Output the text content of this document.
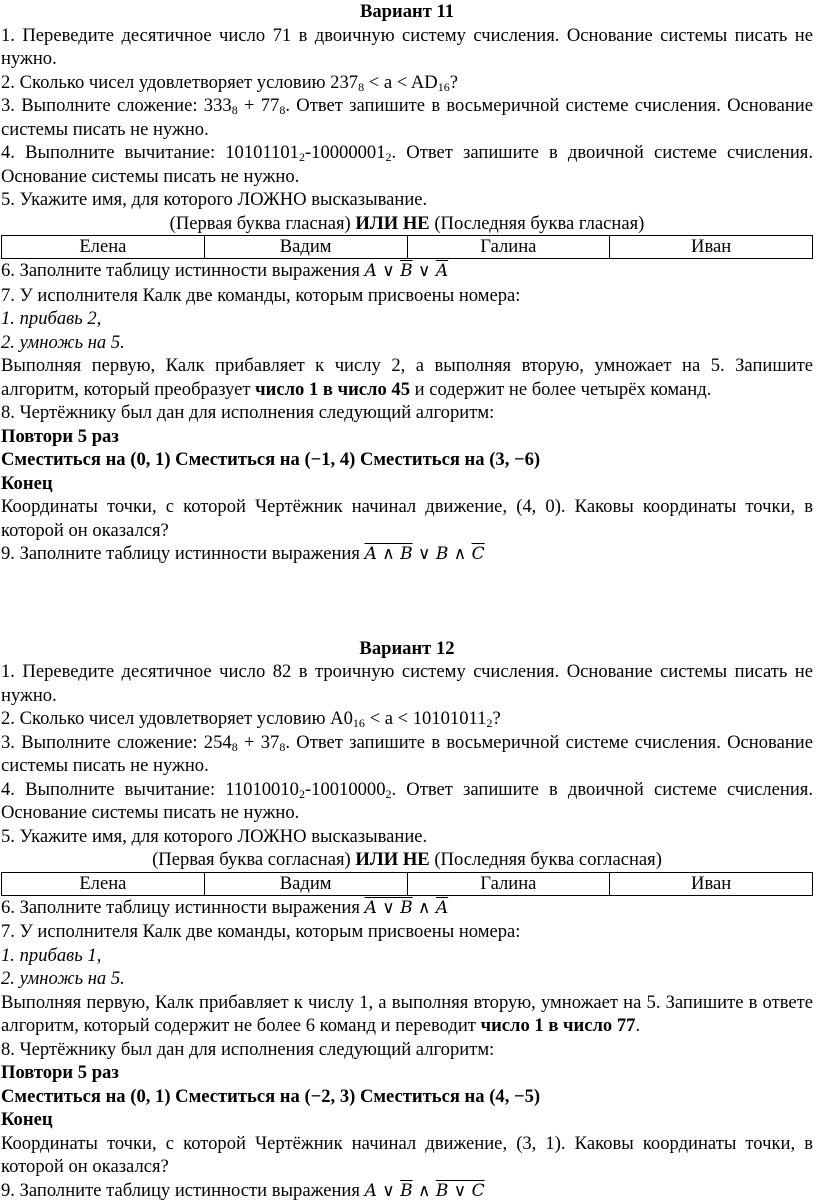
Вариант 11

1. Переведите десятичное число 71 в двоичную систему счисления. Основание системы писать не нужно.

2. Сколько чисел удовлетворяет условию $237_8 < a < AD_{16}$?

3. Выполните сложение: $333_8 + 77_8$. Ответ запишите в восьмеричной системе счисления. Основание системы писать не нужно.

4. Выполните вычитание: $10101101_2-10000001_2$. Ответ запишите в двоичной системе счисления. Основание системы писать не нужно.

5. Укажите имя, для которого ЛОЖНО высказывание.

(Первая буква гласная) ИЛИ НЕ (Последняя буква гласная)

Елена	Вадим	Галина	Иван

6. Заполните таблицу истинности выражения A ∨ $\overline{B}$ ∨ $\overline{A}$

7. У исполнителя Калк две команды, которым присвоены номера:

1. прибавь 2,

2. умножь на 5.

Выполняя первую, Калк прибавляет к числу 2, а выполняя вторую, умножает на 5. Запишите алгоритм, который преобразует число 1 в число 45 и содержит не более четырёх команд.

8. Чертёжнику был дан для исполнения следующий алгоритм:

Повтори 5 раз

Сместиться на (0, 1) Сместиться на (−1, 4) Сместиться на (3, −6)

Конец

Координаты точки, с которой Чертёжник начинал движение, (4, 0). Каковы координаты точки, в которой он оказался?

9. Заполните таблицу истинности выражения A ∧ B ∨ B ∧ $\overline{C}$

Вариант 12

1. Переведите десятичное число 82 в троичную систему счисления. Основание системы писать не нужно.

2. Сколько чисел удовлетворяет условию $A0_{16} < a < 10101011_2$?

3. Выполните сложение: $254_8 + 37_8$. Ответ запишите в восьмеричной системе счисления. Основание системы писать не нужно.

4. Выполните вычитание: $11010010_2-10010000_2$. Ответ запишите в двоичной системе счисления. Основание системы писать не нужно.

5. Укажите имя, для которого ЛОЖНО высказывание.

(Первая буква согласная) ИЛИ НЕ (Последняя буква согласная)

Елена	Вадим	Галина	Иван

6. Заполните таблицу истинности выражения A ∨ B ∧ $\overline{A}$

7. У исполнителя Калк две команды, которым присвоены номера:

1. прибавь 1,

2. умножь на 5.

Выполняя первую, Калк прибавляет к числу 1, а выполняя вторую, умножает на 5. Запишите в ответе алгоритм, который содержит не более 6 команд и переводит число 1 в число 77.

8. Чертёжнику был дан для исполнения следующий алгоритм:

Повтори 5 раз

Сместиться на (0, 1) Сместиться на (−2, 3) Сместиться на (4, −5)

Конец

Координаты точки, с которой Чертёжник начинал движение, (3, 1). Каковы координаты точки, в которой он оказался?

9. Заполните таблицу истинности выражения A ∨ $\overline{B}$ ∧ B ∨ C
